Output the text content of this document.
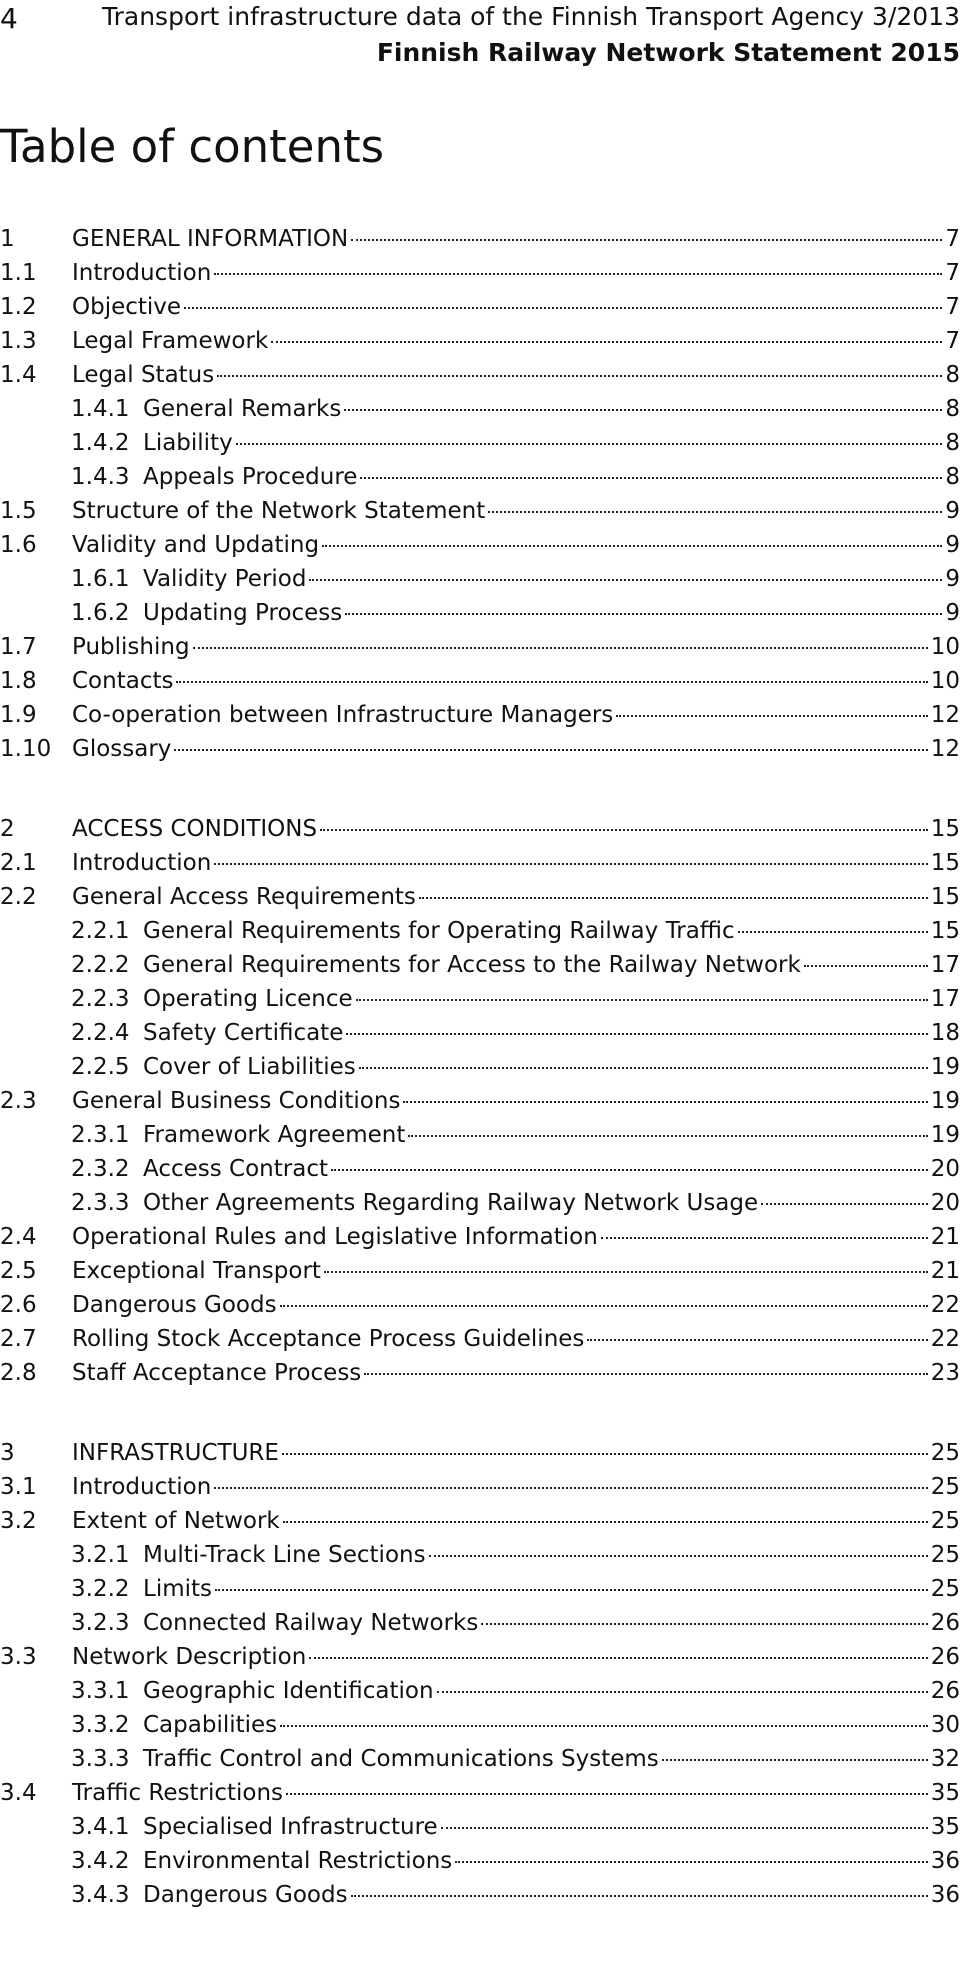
4	Transport infrastructure data of the Finnish Transport Agency 3/2013
Finnish Railway Network Statement 2015
Table of contents
1	GENERAL INFORMATION	7
1.1	Introduction	7
1.2	Objective	7
1.3	Legal Framework	7
1.4	Legal Status	8
1.4.1 General Remarks	8
1.4.2 Liability	8
1.4.3 Appeals Procedure	8
1.5	Structure of the Network Statement	9
1.6	Validity and Updating	9
1.6.1 Validity Period	9
1.6.2 Updating Process	9
1.7	Publishing	10
1.8	Contacts	10
1.9	Co-operation between Infrastructure Managers	12
1.10 Glossary	12
2	ACCESS CONDITIONS	15
2.1	Introduction	15
2.2	General Access Requirements	15
2.2.1 General Requirements for Operating Railway Traffic	15
2.2.2 General Requirements for Access to the Railway Network	17
2.2.3 Operating Licence	17
2.2.4 Safety Certificate	18
2.2.5 Cover of Liabilities	19
2.3	General Business Conditions	19
2.3.1 Framework Agreement	19
2.3.2 Access Contract	20
2.3.3 Other Agreements Regarding Railway Network Usage	20
2.4	Operational Rules and Legislative Information	21
2.5	Exceptional Transport	21
2.6	Dangerous Goods	22
2.7	Rolling Stock Acceptance Process Guidelines	22
2.8	Staff Acceptance Process	23
3	INFRASTRUCTURE	25
3.1	Introduction	25
3.2	Extent of Network	25
3.2.1 Multi-Track Line Sections	25
3.2.2 Limits	25
3.2.3 Connected Railway Networks	26
3.3	Network Description	26
3.3.1 Geographic Identification	26
3.3.2 Capabilities	30
3.3.3 Traffic Control and Communications Systems	32
3.4	Traffic Restrictions	35
3.4.1 Specialised Infrastructure	35
3.4.2 Environmental Restrictions	36
3.4.3 Dangerous Goods	36
